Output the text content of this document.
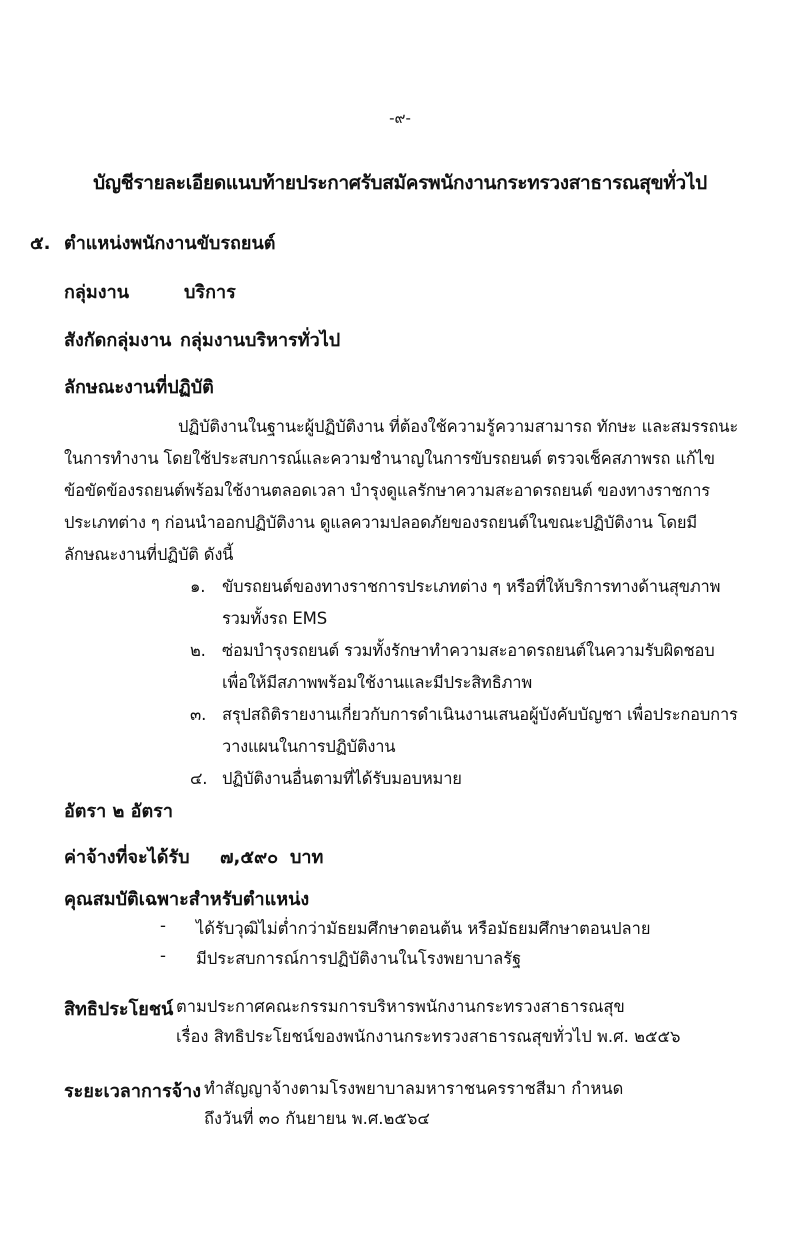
-๙-
บัญชีรายละเอียดแนบท้ายประกาศรับสมัครพนักงานกระทรวงสาธารณสุขทั่วไป
๕. ตำแหน่งพนักงานขับรถยนต์
กลุ่มงาน	บริการ
สังกัดกลุ่มงาน กลุ่มงานบริหารทั่วไป
ลักษณะงานที่ปฏิบัติ
ปฏิบัติงานในฐานะผู้ปฏิบัติงาน ที่ต้องใช้ความรู้ความสามารถ ทักษะ และสมรรถนะ
ในการทำงาน โดยใช้ประสบการณ์และความชำนาญในการขับรถยนต์ ตรวจเช็คสภาพรถ แก้ไข
ข้อขัดข้องรถยนต์พร้อมใช้งานตลอดเวลา บำรุงดูแลรักษาความสะอาดรถยนต์ ของทางราชการ
ประเภทต่าง ๆ ก่อนนำออกปฏิบัติงาน ดูแลความปลอดภัยของรถยนต์ในขณะปฏิบัติงาน โดยมี
ลักษณะงานที่ปฏิบัติ ดังนี้
๑. ขับรถยนต์ของทางราชการประเภทต่าง ๆ หรือที่ให้บริการทางด้านสุขภาพ
รวมทั้งรถ EMS
๒. ซ่อมบำรุงรถยนต์ รวมทั้งรักษาทำความสะอาดรถยนต์ในความรับผิดชอบ
เพื่อให้มีสภาพพร้อมใช้งานและมีประสิทธิภาพ
๓. สรุปสถิติรายงานเกี่ยวกับการดำเนินงานเสนอผู้บังคับบัญชา เพื่อประกอบการ
วางแผนในการปฏิบัติงาน
๔. ปฏิบัติงานอื่นตามที่ได้รับมอบหมาย
อัตรา ๒ อัตรา
ค่าจ้างที่จะได้รับ ๗,๕๙๐ บาท
คุณสมบัติเฉพาะสำหรับตำแหน่ง
- ได้รับวุฒิไม่ต่ำกว่ามัธยมศึกษาตอนต้น หรือมัธยมศึกษาตอนปลาย
- มีประสบการณ์การปฏิบัติงานในโรงพยาบาลรัฐ
สิทธิประโยชน์ ตามประกาศคณะกรรมการบริหารพนักงานกระทรวงสาธารณสุข
เรื่อง สิทธิประโยชน์ของพนักงานกระทรวงสาธารณสุขทั่วไป พ.ศ. ๒๕๕๖
ระยะเวลาการจ้าง ทำสัญญาจ้างตามโรงพยาบาลมหาราชนครราชสีมา กำหนด
ถึงวันที่ ๓๐ กันยายน พ.ศ.๒๕๖๔
